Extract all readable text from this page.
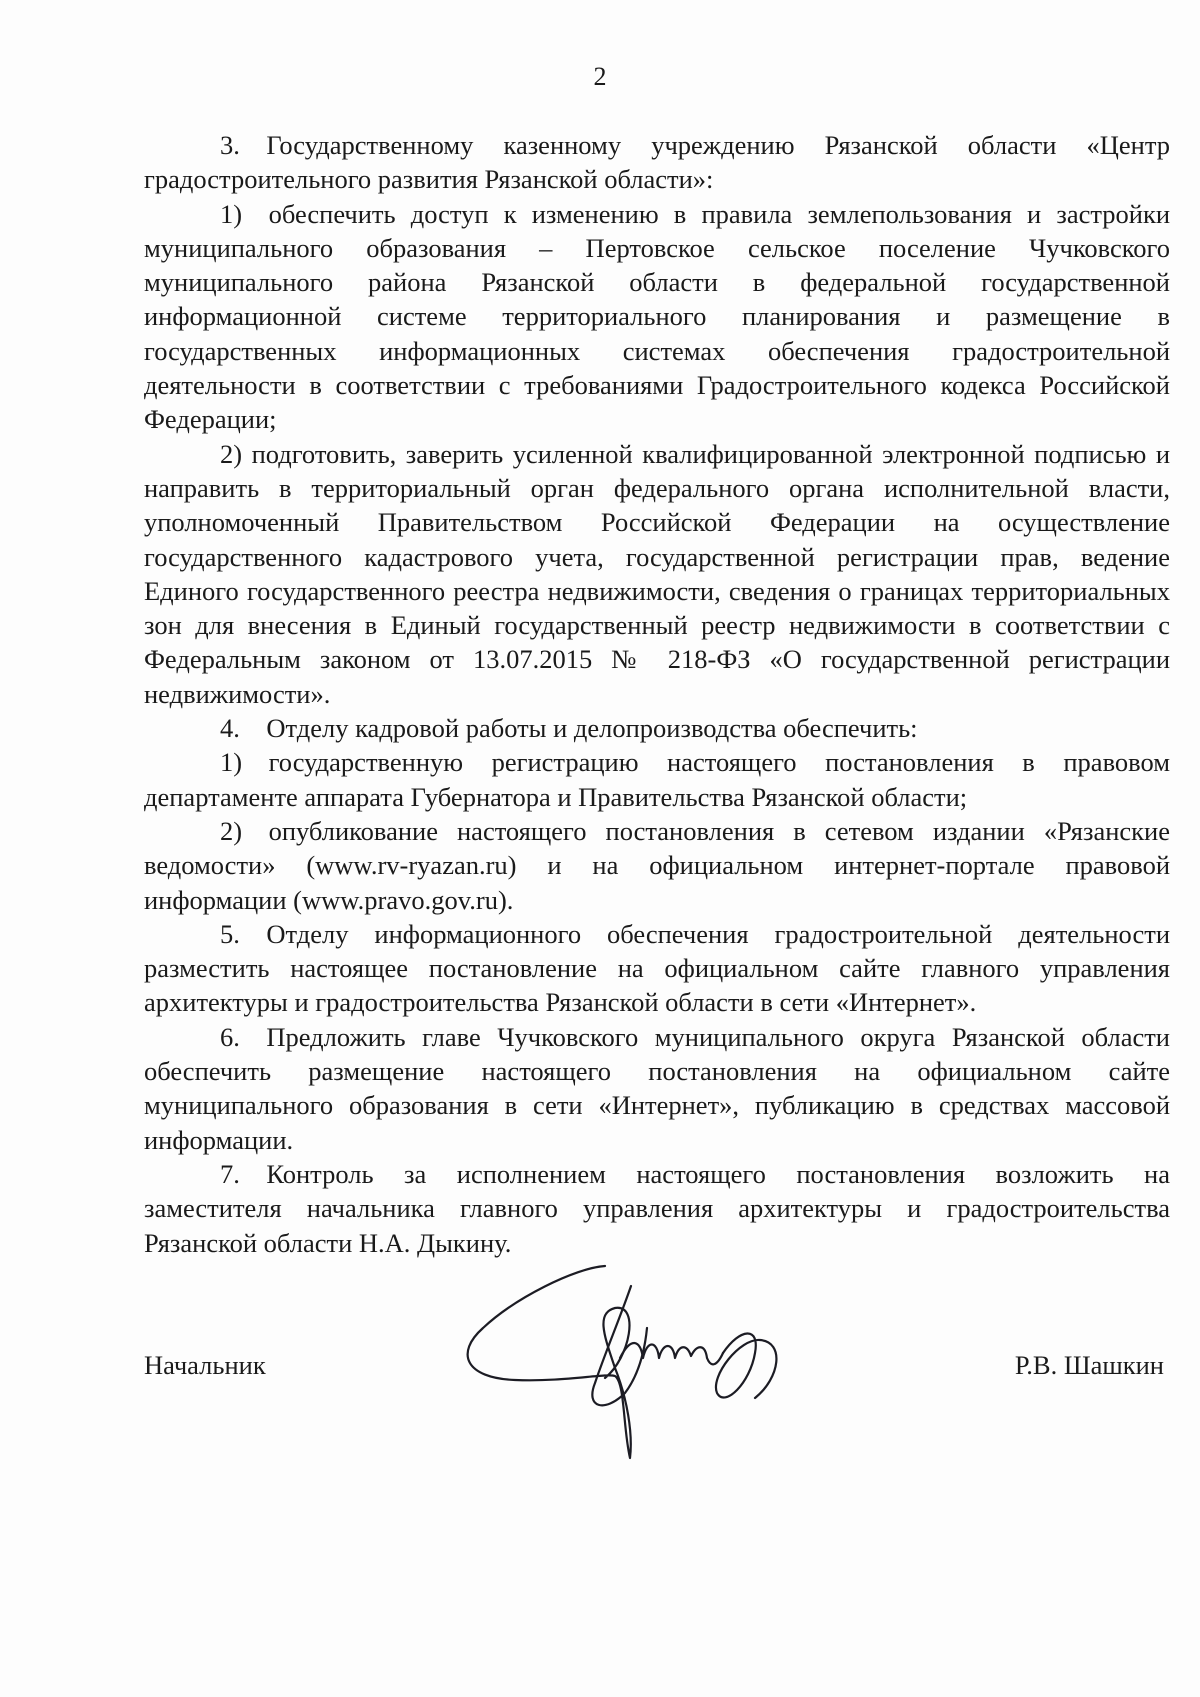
2

3. Государственному казенному учреждению Рязанской области «Центр градостроительного развития Рязанской области»:

1) обеспечить доступ к изменению в правила землепользования и застройки муниципального образования – Пертовское сельское поселение Чучковского муниципального района Рязанской области в федеральной государственной информационной системе территориального планирования и размещение в государственных информационных системах обеспечения градостроительной деятельности в соответствии с требованиями Градостроительного кодекса Российской Федерации;

2) подготовить, заверить усиленной квалифицированной электронной подписью и направить в территориальный орган федерального органа исполнительной власти, уполномоченный Правительством Российской Федерации на осуществление государственного кадастрового учета, государственной регистрации прав, ведение Единого государственного реестра недвижимости, сведения о границах территориальных зон для внесения в Единый государственный реестр недвижимости в соответствии с Федеральным законом от 13.07.2015 № 218-ФЗ «О государственной регистрации недвижимости».

4. Отделу кадровой работы и делопроизводства обеспечить:

1) государственную регистрацию настоящего постановления в правовом департаменте аппарата Губернатора и Правительства Рязанской области;

2) опубликование настоящего постановления в сетевом издании «Рязанские ведомости» (www.rv-ryazan.ru) и на официальном интернет-портале правовой информации (www.pravo.gov.ru).

5. Отделу информационного обеспечения градостроительной деятельности разместить настоящее постановление на официальном сайте главного управления архитектуры и градостроительства Рязанской области в сети «Интернет».

6. Предложить главе Чучковского муниципального округа Рязанской области обеспечить размещение настоящего постановления на официальном сайте муниципального образования в сети «Интернет», публикацию в средствах массовой информации.

7. Контроль за исполнением настоящего постановления возложить на заместителя начальника главного управления архитектуры и градостроительства Рязанской области Н.А. Дыкину.

Начальник	Р.В. Шашкин
